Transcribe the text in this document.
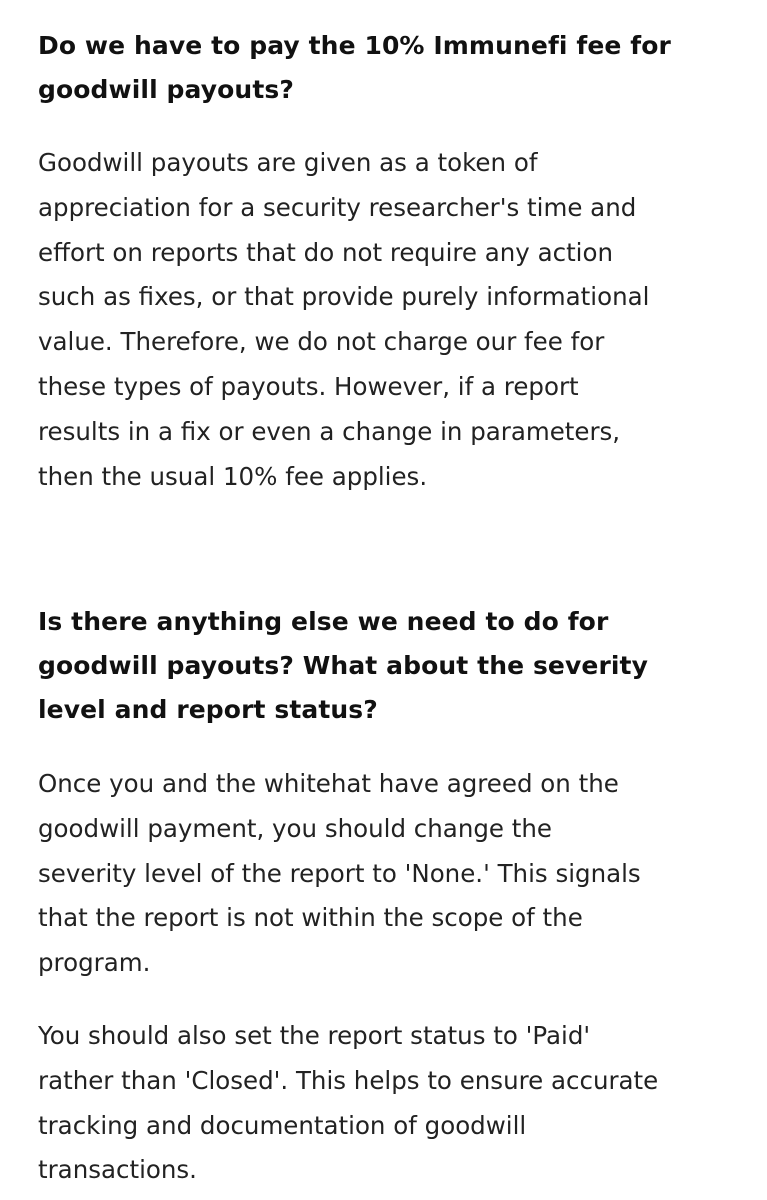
Do we have to pay the 10% Immunefi fee for
goodwill payouts?

Goodwill payouts are given as a token of
appreciation for a security researcher's time and
effort on reports that do not require any action
such as fixes, or that provide purely informational
value. Therefore, we do not charge our fee for
these types of payouts. However, if a report
results in a fix or even a change in parameters,
then the usual 10% fee applies.

Is there anything else we need to do for
goodwill payouts? What about the severity
level and report status?

Once you and the whitehat have agreed on the
goodwill payment, you should change the
severity level of the report to 'None.' This signals
that the report is not within the scope of the
program.

You should also set the report status to 'Paid'
rather than 'Closed'. This helps to ensure accurate
tracking and documentation of goodwill
transactions.
